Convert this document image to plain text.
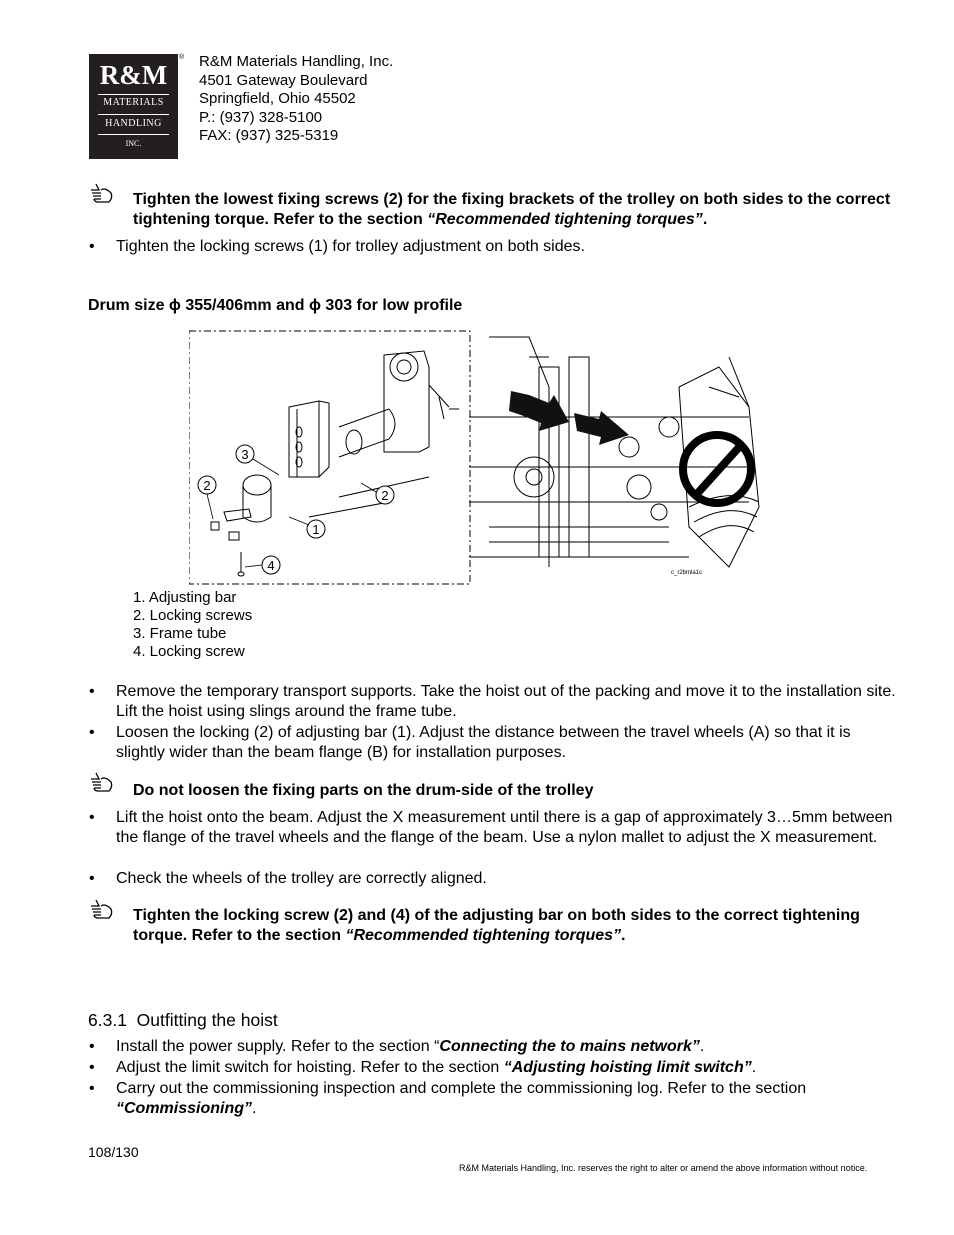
R&M
MATERIALS
HANDLING
INC.
® R&M Materials Handling, Inc.
4501 Gateway Boulevard
Springfield, Ohio 45502
P.: (937) 328-5100
FAX: (937) 325-5319
Tighten the lowest fixing screws (2) for the fixing brackets of the trolley on both sides to the correct tightening torque. Refer to the section “Recommended tightening torques”.
• Tighten the locking screws (1) for trolley adjustment on both sides.
Drum size ϕ 355/406mm and ϕ 303 for low profile
3
2
2
1
4	c_r2bmla1c
1. Adjusting bar
2. Locking screws
3. Frame tube
4. Locking screw
• Remove the temporary transport supports. Take the hoist out of the packing and move it to the installation site. Lift the hoist using slings around the frame tube.
• Loosen the locking (2) of adjusting bar (1). Adjust the distance between the travel wheels (A) so that it is slightly wider than the beam flange (B) for installation purposes.
Do not loosen the fixing parts on the drum-side of the trolley
• Lift the hoist onto the beam. Adjust the X measurement until there is a gap of approximately 3…5mm between the flange of the travel wheels and the flange of the beam. Use a nylon mallet to adjust the X measurement.
• Check the wheels of the trolley are correctly aligned.
Tighten the locking screw (2) and (4) of the adjusting bar on both sides to the correct tightening torque. Refer to the section “Recommended tightening torques”.
6.3.1 Outfitting the hoist
• Install the power supply. Refer to the section “Connecting the to mains network”.
• Adjust the limit switch for hoisting. Refer to the section “Adjusting hoisting limit switch”.
• Carry out the commissioning inspection and complete the commissioning log. Refer to the section “Commissioning”.
108/130
R&M Materials Handling, Inc. reserves the right to alter or amend the above information without notice.
